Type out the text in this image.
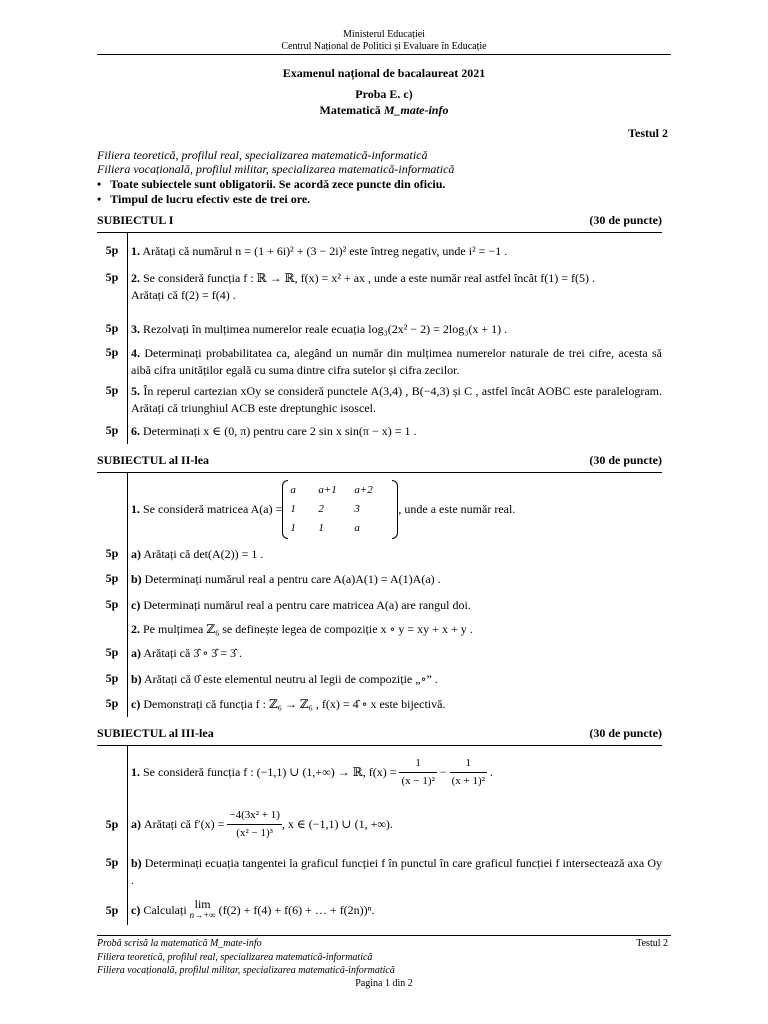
Ministerul Educației
Centrul Național de Politici și Evaluare în Educație
Examenul național de bacalaureat 2021
Proba E. c)
Matematică M_mate-info
Testul 2
Filiera teoretică, profilul real, specializarea matematică-informatică
Filiera vocațională, profilul militar, specializarea matematică-informatică
•   Toate subiectele sunt obligatorii. Se acordă zece puncte din oficiu.
•   Timpul de lucru efectiv este de trei ore.
SUBIECTUL I	(30 de puncte)
5p	1. Arătați că numărul n = (1 + 6i)² + (3 − 2i)² este întreg negativ, unde i² = −1 .
5p	2. Se consideră funcția f : ℝ → ℝ, f(x) = x² + ax , unde a este număr real astfel încât f(1) = f(5) .
Arătați că f(2) = f(4) .
5p	3. Rezolvați în mulțimea numerelor reale ecuația log₃(2x² − 2) = 2log₃(x + 1) .
5p	4. Determinați probabilitatea ca, alegând un număr din mulțimea numerelor naturale de trei cifre, acesta să aibă cifra unităților egală cu suma dintre cifra sutelor și cifra zecilor.
5p	5. În reperul cartezian xOy se consideră punctele A(3,4) , B(−4,3) și C , astfel încât AOBC este paralelogram. Arătați că triunghiul ACB este dreptunghic isoscel.
5p	6. Determinați x ∈ (0, π) pentru care 2 sin x sin(π − x) = 1 .
SUBIECTUL al II-lea	(30 de puncte)
1.
Se consideră matricea A(a) =
a	a+1	a+2
1	2	3
1	1	a
, unde a este număr real.
5p	a) Arătați că det(A(2)) = 1 .
5p	b) Determinați numărul real a pentru care A(a)A(1) = A(1)A(a) .
5p	c) Determinați numărul real a pentru care matricea A(a) are rangul doi.
2. Pe mulțimea ℤ₆ se definește legea de compoziție x ∘ y = xy + x + y .
5p	a) Arătați că 3̂ ∘ 3̂ = 3̂ .
5p	b) Arătați că 0̂ este elementul neutru al legii de compoziție „∘” .
5p	c) Demonstrați că funcția f : ℤ₆ → ℤ₆ , f(x) = 4̂ ∘ x este bijectivă.
SUBIECTUL al III-lea	(30 de puncte)
1.
Se consideră funcția f : (−1,1) ∪ (1,+∞) → ℝ, f(x) =
$\frac{1}{\text{(x − 1)²}} - \frac{1}{\text{(x + 1)²}}$ .
5p	a)
Arătați că f′(x) =
$\frac{\text{−4(3x² + 1)}}{\text{(x² − 1)³}}$ , x ∈ (−1,1) ∪ (1, +∞).
5p	b) Determinați ecuația tangentei la graficul funcției f în punctul în care graficul funcției f intersectează axa Oy .
5p	c)
Calculați
lim
n→+∞
(f(2) + f(4) + f(6) + … + f(2n))ⁿ.
Probă scrisă la matematică M_mate-info	Testul 2
Filiera teoretică, profilul real, specializarea matematică-informatică
Filiera vocațională, profilul militar, specializarea matematică-informatică
Pagina 1 din 2
